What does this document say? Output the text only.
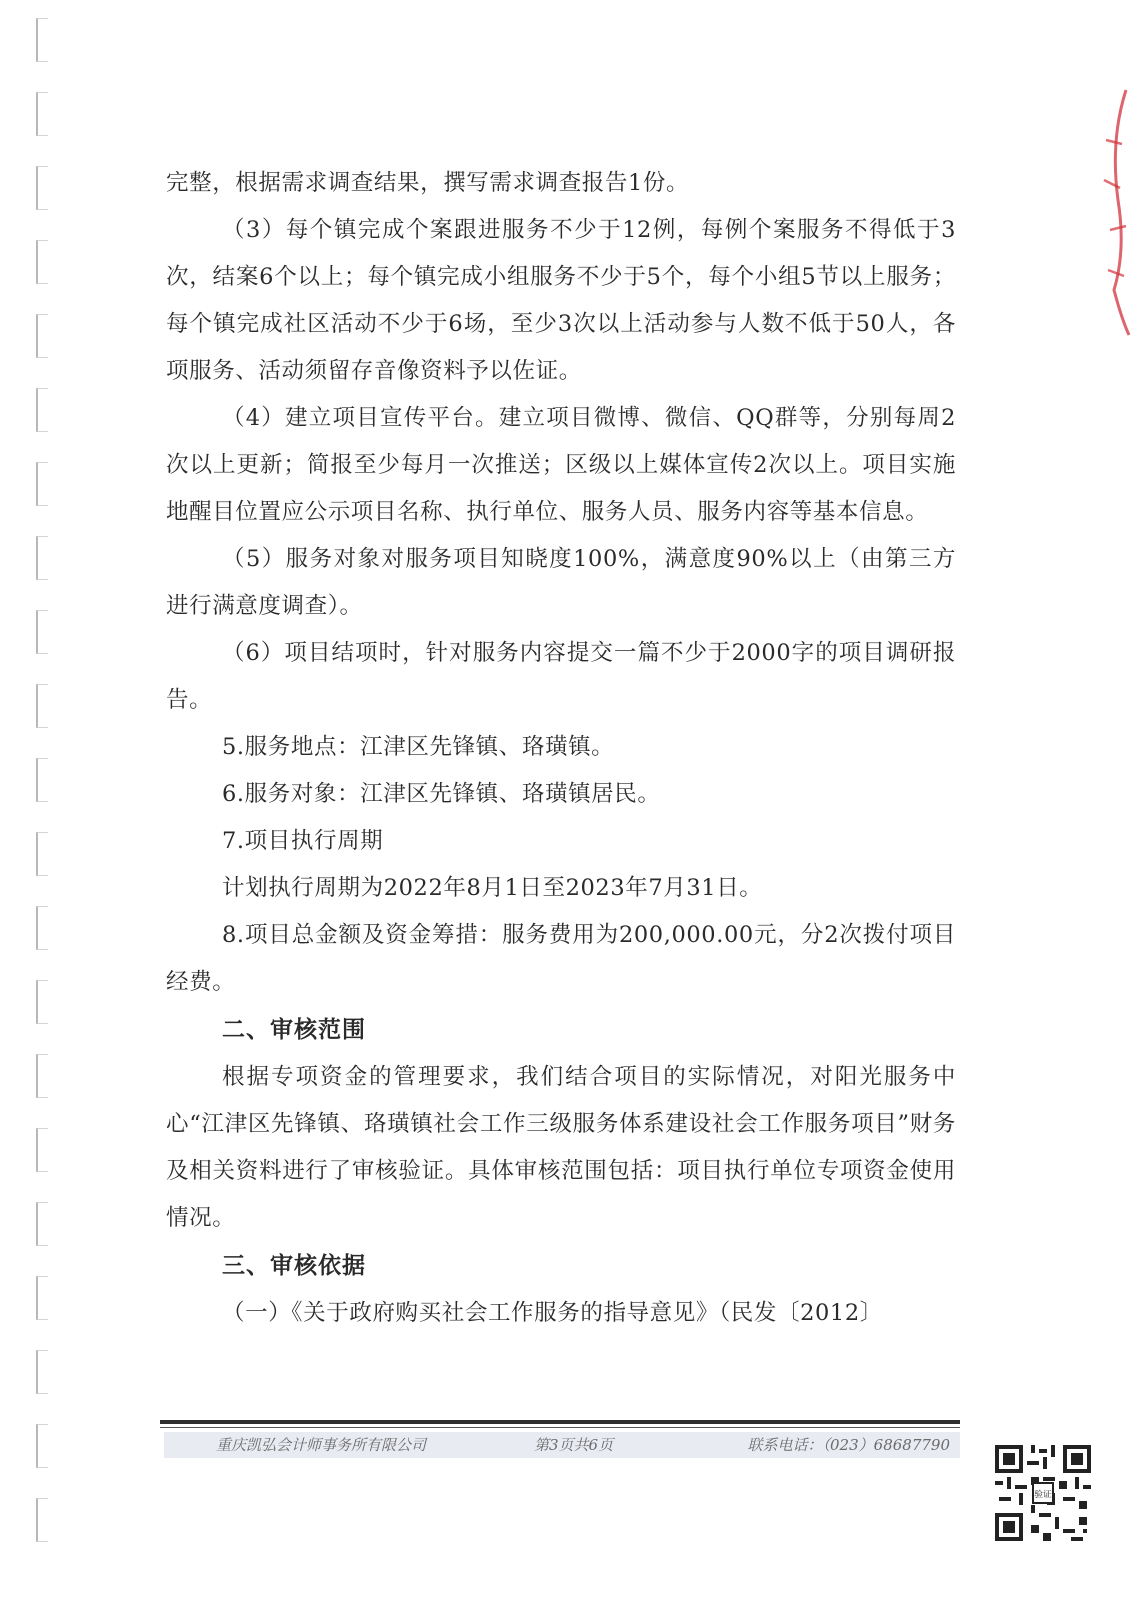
完整，根据需求调查结果，撰写需求调查报告1份。

（3）每个镇完成个案跟进服务不少于12例，每例个案服务不得低于3次，结案6个以上；每个镇完成小组服务不少于5个，每个小组5节以上服务；每个镇完成社区活动不少于6场，至少3次以上活动参与人数不低于50人，各项服务、活动须留存音像资料予以佐证。

（4）建立项目宣传平台。建立项目微博、微信、QQ群等，分别每周2次以上更新；简报至少每月一次推送；区级以上媒体宣传2次以上。项目实施地醒目位置应公示项目名称、执行单位、服务人员、服务内容等基本信息。

（5）服务对象对服务项目知晓度100%，满意度90%以上（由第三方进行满意度调查）。

（6）项目结项时，针对服务内容提交一篇不少于2000字的项目调研报告。

5.服务地点：江津区先锋镇、珞璜镇。

6.服务对象：江津区先锋镇、珞璜镇居民。

7.项目执行周期

计划执行周期为2022年8月1日至2023年7月31日。

8.项目总金额及资金筹措：服务费用为200,000.00元，分2次拨付项目经费。

二、审核范围

根据专项资金的管理要求，我们结合项目的实际情况，对阳光服务中心“江津区先锋镇、珞璜镇社会工作三级服务体系建设社会工作服务项目”财务及相关资料进行了审核验证。具体审核范围包括：项目执行单位专项资金使用情况。

三、审核依据

（一）《关于政府购买社会工作服务的指导意见》（民发〔2012〕

重庆凯弘会计师事务所有限公司	第3页共6页	联系电话：（023）68687790
验证
